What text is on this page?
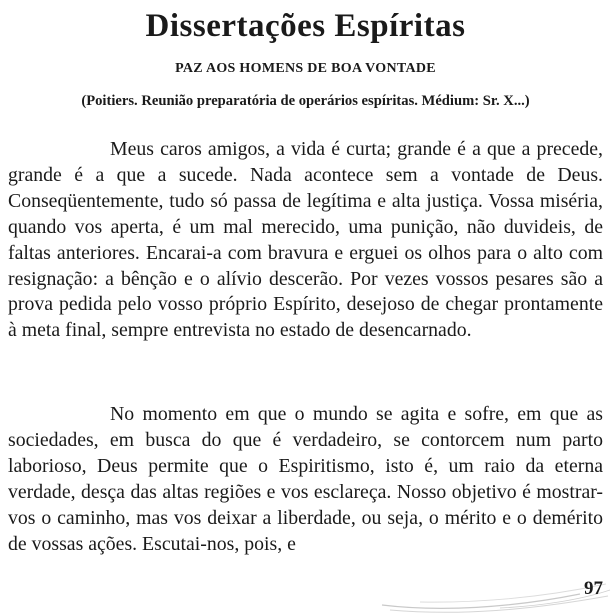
Dissertações Espíritas
PAZ AOS HOMENS DE BOA VONTADE

(Poitiers. Reunião preparatória de operários espíritas. Médium: Sr. X...)

Meus caros amigos, a vida é curta; grande é a que a precede, grande é a que a sucede. Nada acontece sem a vontade de Deus. Conseqüentemente, tudo só passa de legítima e alta justiça. Vossa miséria, quando vos aperta, é um mal merecido, uma punição, não duvideis, de faltas anteriores. Encarai-a com bravura e erguei os olhos para o alto com resignação: a bênção e o alívio descerão. Por vezes vossos pesares são a prova pedida pelo vosso próprio Espírito, desejoso de chegar prontamente à meta final, sempre entrevista no estado de desencarnado.

No momento em que o mundo se agita e sofre, em que as sociedades, em busca do que é verdadeiro, se contorcem num parto laborioso, Deus permite que o Espiritismo, isto é, um raio da eterna verdade, desça das altas regiões e vos esclareça. Nosso objetivo é mostrar-vos o caminho, mas vos deixar a liberdade, ou seja, o mérito e o demérito de vossas ações. Escutai-nos, pois, e

97
